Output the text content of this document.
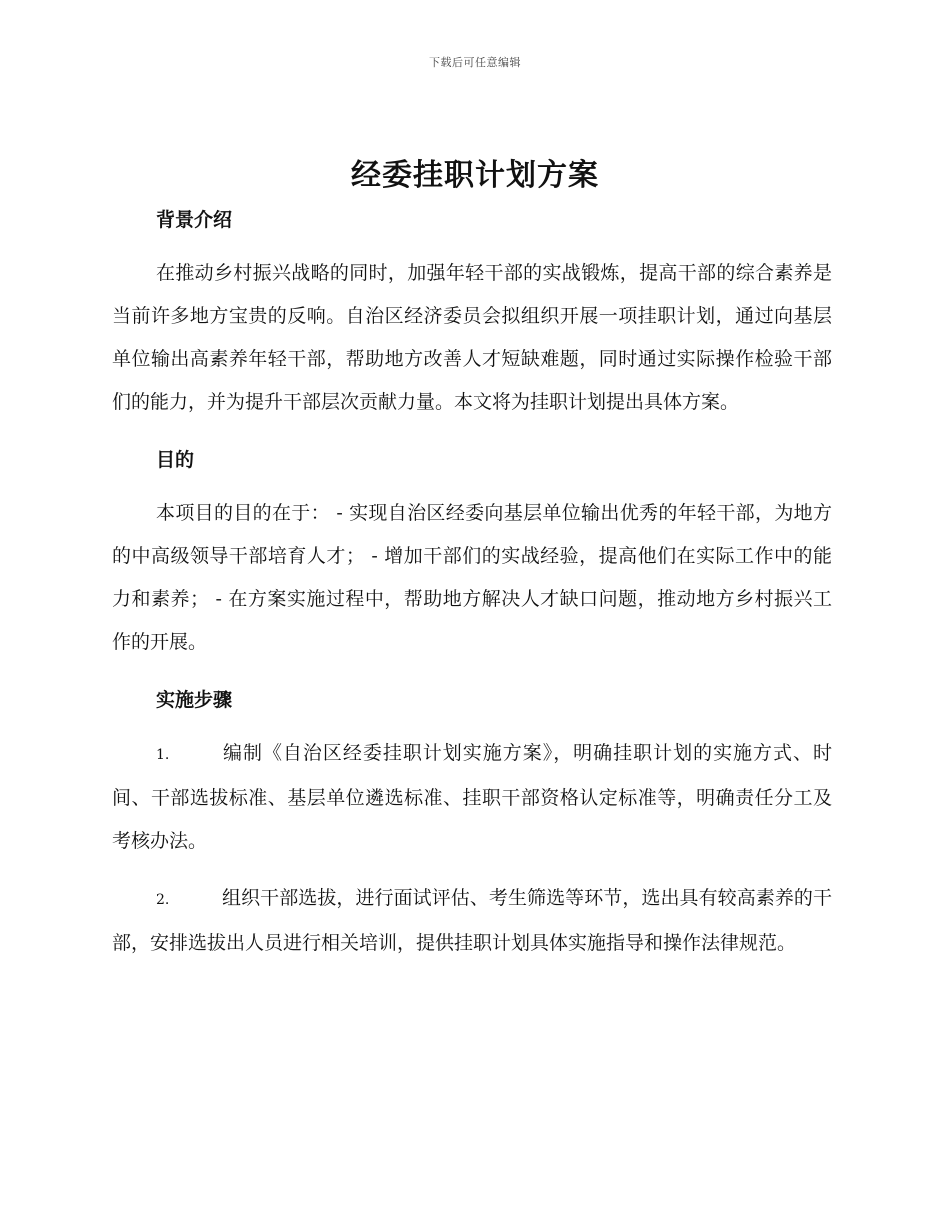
下载后可任意编辑
经委挂职计划方案
背景介绍

在推动乡村振兴战略的同时，加强年轻干部的实战锻炼，提高干部的综合素养是当前许多地方宝贵的反响。自治区经济委员会拟组织开展一项挂职计划，通过向基层单位输出高素养年轻干部，帮助地方改善人才短缺难题，同时通过实际操作检验干部们的能力，并为提升干部层次贡献力量。本文将为挂职计划提出具体方案。

目的

本项目的目的在于： - 实现自治区经委向基层单位输出优秀的年轻干部，为地方的中高级领导干部培育人才； - 增加干部们的实战经验，提高他们在实际工作中的能力和素养； - 在方案实施过程中，帮助地方解决人才缺口问题，推动地方乡村振兴工作的开展。

实施步骤

1.	编制《自治区经委挂职计划实施方案》，明确挂职计划的实施方式、时间、干部选拔标准、基层单位遴选标准、挂职干部资格认定标准等，明确责任分工及考核办法。

2.	组织干部选拔，进行面试评估、考生筛选等环节，选出具有较高素养的干部，安排选拔出人员进行相关培训，提供挂职计划具体实施指导和操作法律规范。
